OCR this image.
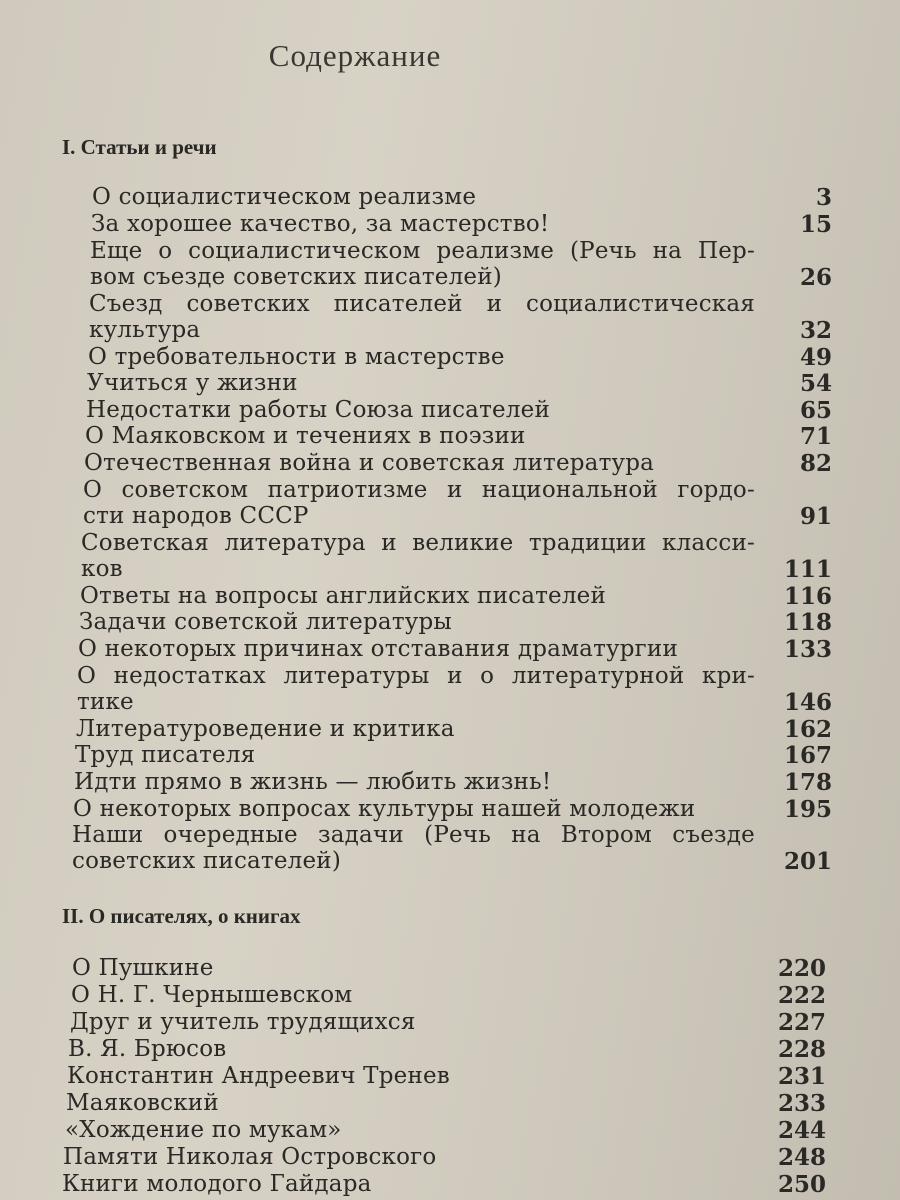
Содержание
I. Статьи и речи
II. О писателях, о книгах
О социалистическом реализме	3
За хорошее качество, за мастерство!	15
Еще о социалистическом реализме (Речь на Пер-
вом съезде советских писателей)	26
Съезд советских писателей и социалистическая
культура	32
О требовательности в мастерстве	49
Учиться у жизни	54
Недостатки работы Союза писателей	65
О Маяковском и течениях в поэзии	71
Отечественная война и советская литература	82
О советском патриотизме и национальной гордо-
сти народов СССР	91
Советская литература и великие традиции класси-
ков	111
Ответы на вопросы английских писателей	116
Задачи советской литературы	118
О некоторых причинах отставания драматургии	133
О недостатках литературы и о литературной кри-
тике	146
Литературоведение и критика	162
Труд писателя	167
Идти прямо в жизнь — любить жизнь!	178
О некоторых вопросах культуры нашей молодежи	195
Наши очередные задачи (Речь на Втором съезде
советских писателей)	201
О Пушкине	220
О Н. Г. Чернышевском	222
Друг и учитель трудящихся	227
В. Я. Брюсов	228
Константин Андреевич Тренев	231
Маяковский	233
«Хождение по мукам»	244
Памяти Николая Островского	248
Книги молодого Гайдара	250
